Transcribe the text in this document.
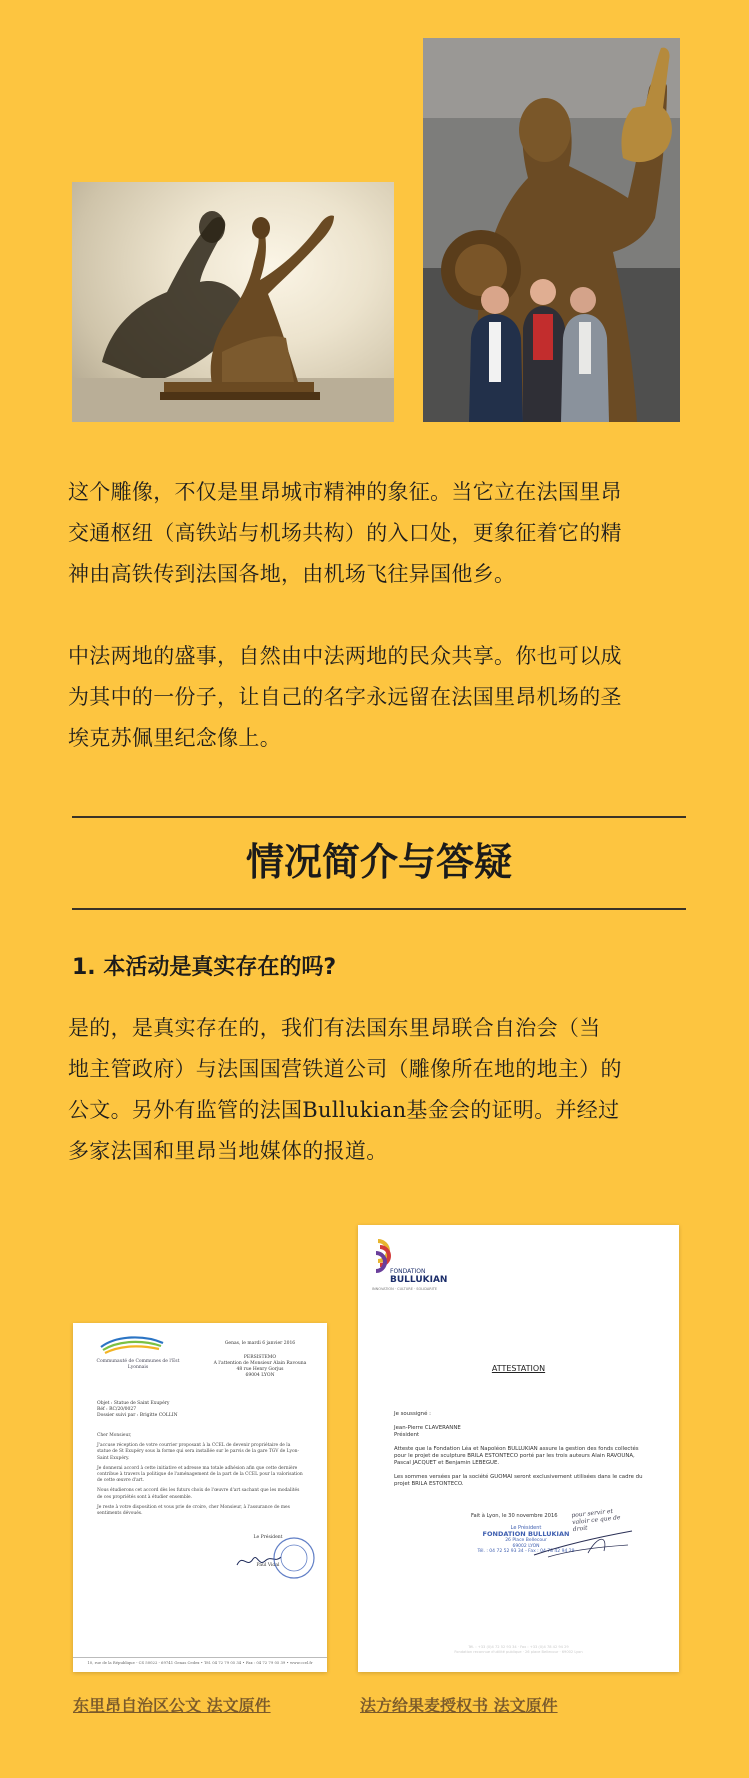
这个雕像，不仅是里昂城市精神的象征。当它立在法国里昂
交通枢纽（高铁站与机场共构）的入口处，更象征着它的精
神由高铁传到法国各地，由机场飞往异国他乡。

中法两地的盛事，自然由中法两地的民众共享。你也可以成
为其中的一份子，让自己的名字永远留在法国里昂机场的圣
埃克苏佩里纪念像上。

情况简介与答疑
1. 本活动是真实存在的吗?

是的，是真实存在的，我们有法国东里昂联合自治会（当
地主管政府）与法国国营铁道公司（雕像所在地的地主）的
公文。另外有监管的法国Bullukian基金会的证明。并经过
多家法国和里昂当地媒体的报道。

Communauté de Communes de l'Est Lyonnais
Genas, le mardi 6 janvier 2016
PERSISTEMO
A l'attention de Monsieur Alain Ravouna
48 rue Henry Gorjus
69004 LYON
Objet : Statue de Saint Exupéry
Réf : RC/20/0027
Dossier suivi par : Brigitte COLLIN

Cher Monsieur,

J'accuse réception de votre courrier proposant à la CCEL de devenir propriétaire de la statue de St Exupéry sous la forme qui sera installée sur le parvis de la gare TGV de Lyon-Saint Exupéry.

Je donnerai accord à cette initiative et adresse ma totale adhésion afin que cette dernière contribue à travers la politique de l'aménagement de la part de la CCEL pour la valorisation de cette œuvre d'art.

Nous étudierons cet accord dès les futurs choix de l'œuvre d'art sachant que les modalités de ces propriétés sont à étudier ensemble.

Je reste à votre disposition et vous prie de croire, cher Monsieur, à l'assurance de mes sentiments dévoués.

Le Président
Paul Vidal
10, rue de la République - CS 50022 - 69741 Genas Cedex • Tél. 04 72 79 05 34 • Fax : 04 72 79 05 39 • www.ccel.fr
FONDATION
BULLUKIAN
INNOVATION · CULTURE · SOLIDARITE
ATTESTATION
Je soussigné :

Jean-Pierre CLAVERANNE
Président

Atteste que la Fondation Léa et Napoléon BULLUKIAN assure la gestion des fonds collectés
pour le projet de sculpture BRILA ESTONTECO porté par les trois auteurs Alain RAVOUNA,
Pascal JACQUET et Benjamin LEBEGUE.

Les sommes versées par la société GUOMAI seront exclusivement utilisées dans le cadre du
projet BRILA ESTONTECO.
Fait à Lyon, le 30 novembre 2016 pour servir et valoir ce que de droit
Le Président
FONDATION BULLUKIAN
26 Place Bellecour
69002 LYON
Tél. : 04 72 52 93 34 - Fax : 04 78 42 94 29
Tél. : +33 (0)4 72 52 93 34 · Fax : +33 (0)4 78 42 94 29
Fondation reconnue d'utilité publique · 26 place Bellecour · 69002 Lyon

东里昂自治区公文 法文原件	法方给果麦授权书 法文原件
